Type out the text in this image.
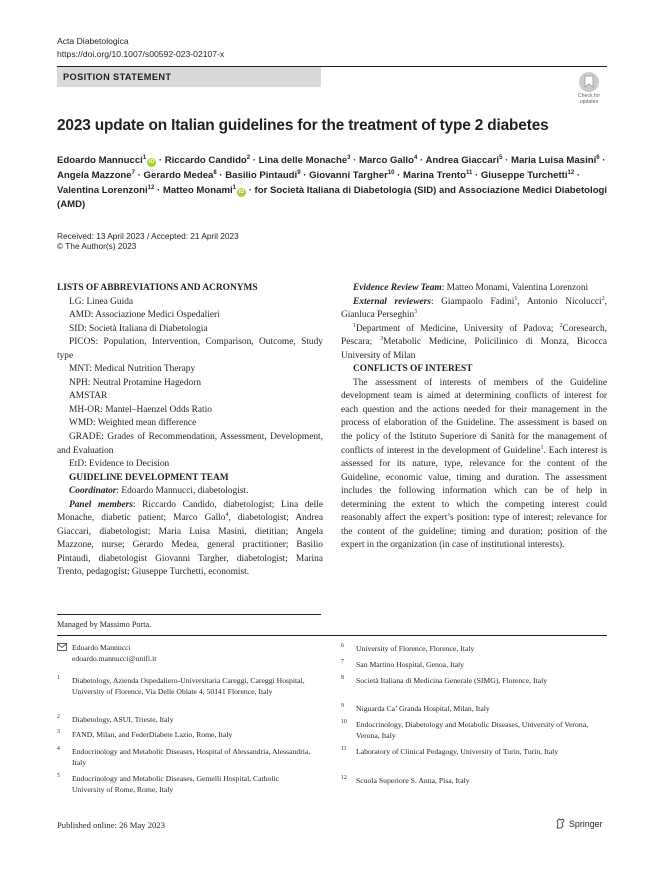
Acta Diabetologica
https://doi.org/10.1007/s00592-023-02107-x
POSITION STATEMENT
Check for
updates
2023 update on Italian guidelines for the treatment of type 2 diabetes
Edoardo Mannucci$^1$iD · Riccardo Candido$^2$ · Lina delle Monache$^3$ · Marco Gallo$^4$ · Andrea Giaccari$^5$ · Maria Luisa Masini$^6$ · Angela Mazzone$^7$ · Gerardo Medea$^8$ · Basilio Pintaudi$^9$ · Giovanni Targher$^{10}$ · Marina Trento$^{11}$ · Giuseppe Turchetti$^{12}$ · Valentina Lorenzoni$^{12}$ · Matteo Monami$^1$iD · for Società Italiana di Diabetologia (SID) and Associazione Medici Diabetologi (AMD)
Received: 13 April 2023 / Accepted: 21 April 2023
© The Author(s) 2023

LISTS OF ABBREVIATIONS AND ACRONYMS

LG: Linea Guida

AMD: Associazione Medici Ospedalieri

SID: Società Italiana di Diabetologia

PICOS: Population, Intervention, Comparison, Outcome, Study type

MNT: Medical Nutrition Therapy

NPH: Neutral Protamine Hagedorn

AMSTAR

MH-OR: Mantel–Haenzel Odds Ratio

WMD: Weighted mean difference

GRADE: Grades of Recommendation, Assessment, Development, and Evaluation

EtD: Evidence to Decision

GUIDELINE DEVELOPMENT TEAM

Coordinator: Edoardo Mannucci, diabetologist.

Panel members: Riccardo Candido, diabetologist; Lina delle Monache, diabetic patient; Marco Gallo$^4$, diabetologist; Andrea Giaccari, diabetologist; Maria Luisa Masini, dietitian; Angela Mazzone, nurse; Gerardo Medea, general practitioner; Basilio Pintaudi, diabetologist Giovanni Targher, diabetologist; Marina Trento, pedagogist; Giuseppe Turchetti, economist.

Evidence Review Team: Matteo Monami, Valentina Lorenzoni

External reviewers: Giampaolo Fadini$^1$, Antonio Nicolucci$^2$, Gianluca Perseghin$^3$

$^1$Department of Medicine, University of Padova; $^2$Coresearch, Pescara; $^3$Metabolic Medicine, Policilinico di Monza, Bicocca University of Milan

CONFLICTS OF INTEREST

The assessment of interests of members of the Guideline development team is aimed at determining conflicts of interest for each question and the actions needed for their management in the process of elaboration of the Guideline. The assessment is based on the policy of the Istituto Superiore di Sanità for the management of conflicts of interest in the development of Guideline$^1$. Each interest is assessed for its nature, type, relevance for the content of the Guideline, economic value, timing and duration. The assessment includes the following information which can be of help in determining the extent to which the competing interest could reasonably affect the expert’s position: type of interest; relevance for the content of the guideline; timing and duration; position of the expert in the organization (in case of institutional interests).

Managed by Massimo Porta.
Edoardo Mannucci
edoardo.mannucci@unifi.it
1 Diabetology, Azienda Ospedaliero-Universitaria Careggi, Careggi Hospital, University of Florence, Via Delle Oblate 4, 50141 Florence, Italy
2 Diabetology, ASUI, Trieste, Italy
3 FAND, Milan, and FederDiabete Lazio, Rome, Italy
4 Endocrinology and Metabolic Diseases, Hospital of Alessandria, Alessandria, Italy
5 Endocrinology and Metabolic Diseases, Gemelli Hospital, Catholic University of Rome, Rome, Italy
6 University of Florence, Florence, Italy
7 San Martino Hospital, Genoa, Italy
8 Società Italiana di Medicina Generale (SIMG), Florence, Italy
9 Niguarda Ca’ Granda Hospital, Milan, Italy
10 Endocrinology, Diabetology and Metabolic Diseases, University of Verona, Verona, Italy
11 Laboratory of Clinical Pedagogy, University of Turin, Turin, Italy
12 Scuola Superiore S. Anna, Pisa, Italy
Published online: 26 May 2023	Springer
